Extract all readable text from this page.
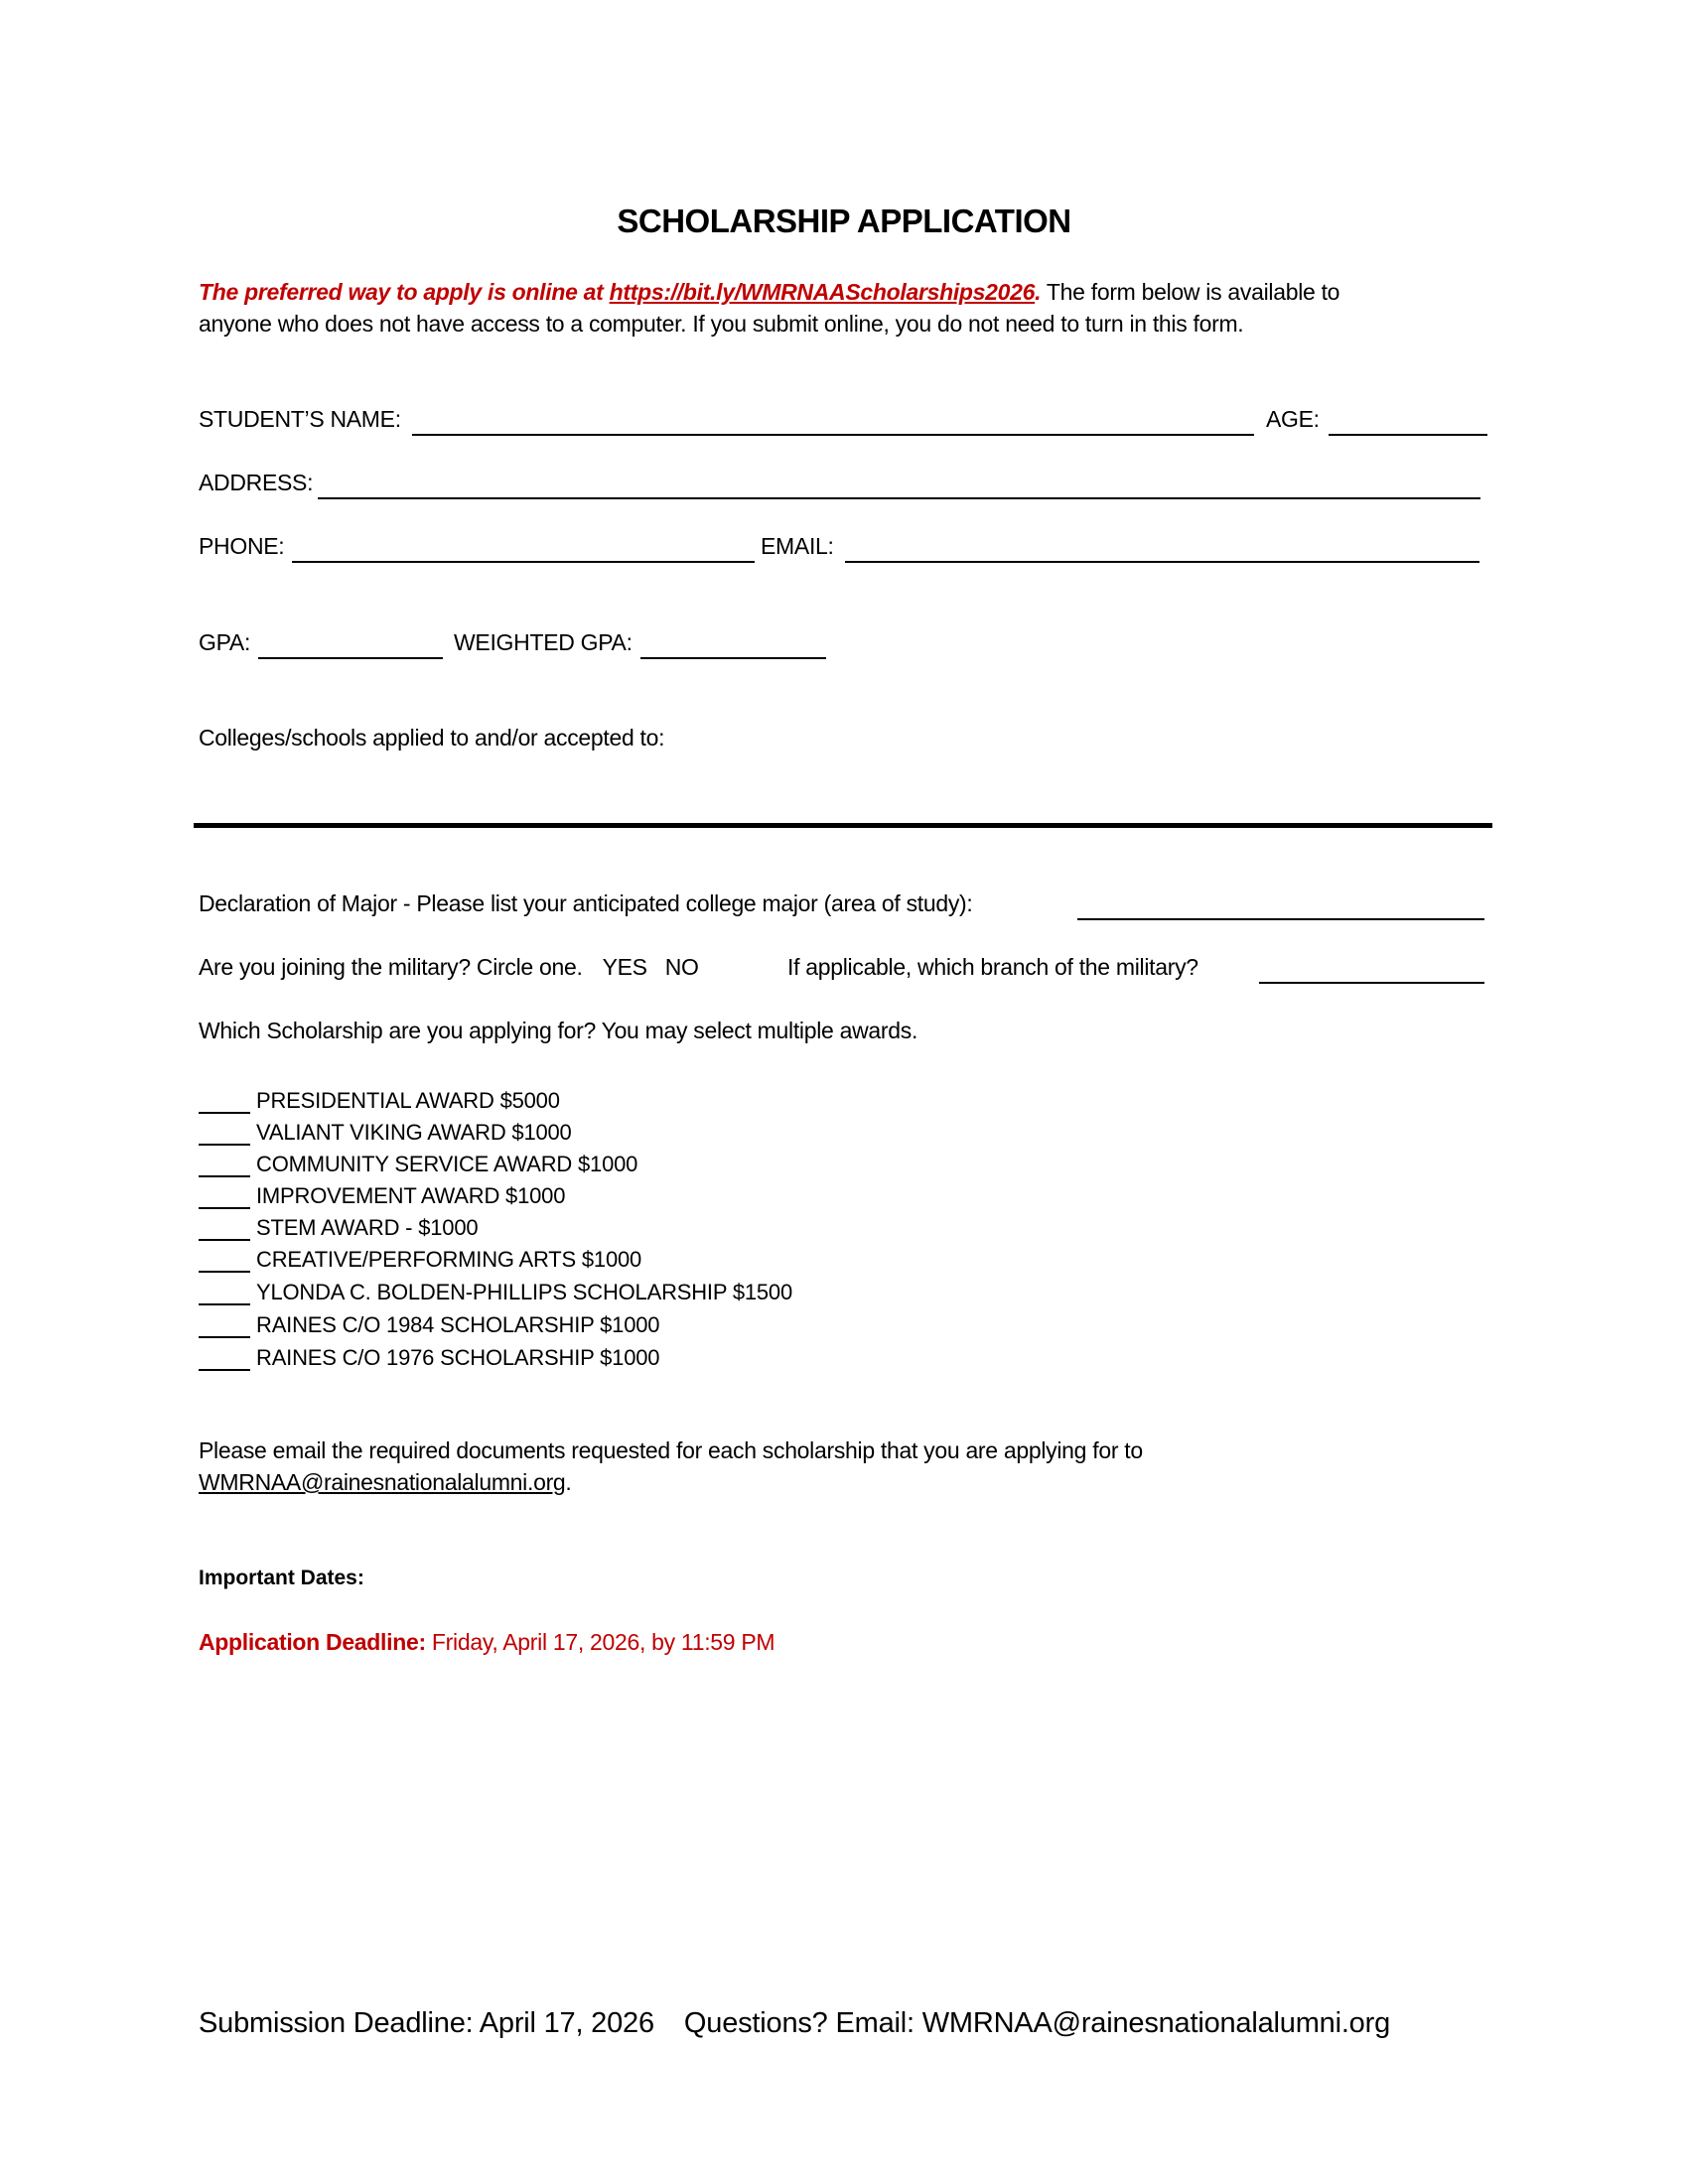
SCHOLARSHIP APPLICATION
The preferred way to apply is online at https://bit.ly/WMRNAAScholarships2026. The form below is available to
anyone who does not have access to a computer. If you submit online, you do not need to turn in this form.
STUDENT’S NAME:	AGE:
ADDRESS:
PHONE:	EMAIL:
GPA:	WEIGHTED GPA:
Colleges/schools applied to and/or accepted to:
Declaration of Major - Please list your anticipated college major (area of study):
Are you joining the military? Circle one. YES NO	If applicable, which branch of the military?
Which Scholarship are you applying for? You may select multiple awards.
PRESIDENTIAL AWARD $5000
VALIANT VIKING AWARD $1000
COMMUNITY SERVICE AWARD $1000
IMPROVEMENT AWARD $1000
STEM AWARD - $1000
CREATIVE/PERFORMING ARTS $1000
YLONDA C. BOLDEN-PHILLIPS SCHOLARSHIP $1500
RAINES C/O 1984 SCHOLARSHIP $1000
RAINES C/O 1976 SCHOLARSHIP $1000
Please email the required documents requested for each scholarship that you are applying for to
WMRNAA@rainesnationalalumni.org.
Important Dates:
Application Deadline: Friday, April 17, 2026, by 11:59 PM
Submission Deadline: April 17, 2026 Questions? Email: WMRNAA@rainesnationalalumni.org
